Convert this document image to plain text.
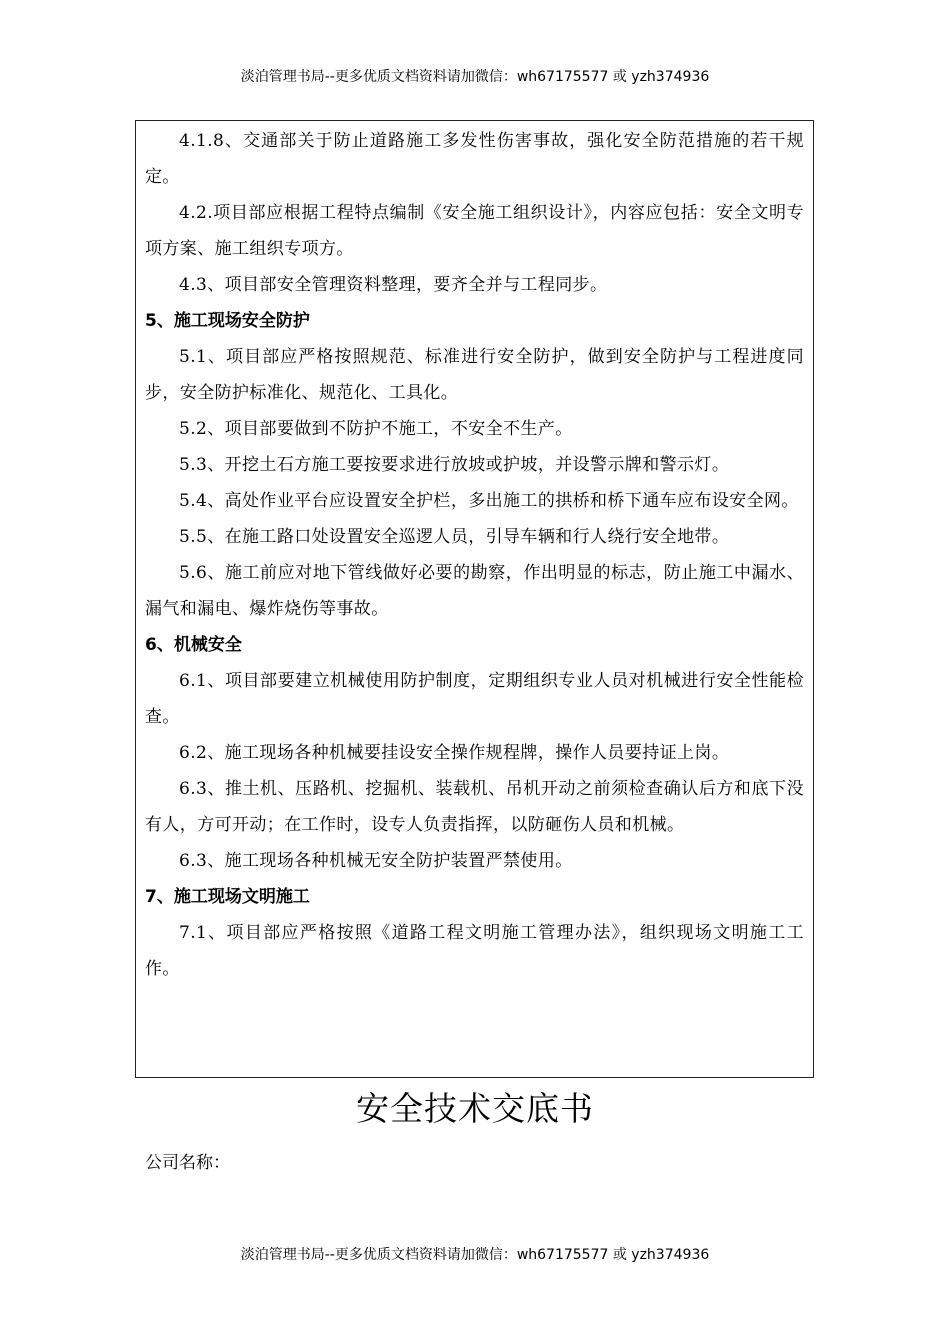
淡泊管理书局--更多优质文档资料请加微信：wh67175577 或 yzh374936

4.1.8、交通部关于防止道路施工多发性伤害事故，强化安全防范措施的若干规定。

4.2.项目部应根据工程特点编制《安全施工组织设计》，内容应包括：安全文明专项方案、施工组织专项方。

4.3、项目部安全管理资料整理，要齐全并与工程同步。

5、施工现场安全防护

5.1、项目部应严格按照规范、标准进行安全防护，做到安全防护与工程进度同步，安全防护标准化、规范化、工具化。

5.2、项目部要做到不防护不施工，不安全不生产。

5.3、开挖土石方施工要按要求进行放坡或护坡，并设警示牌和警示灯。

5.4、高处作业平台应设置安全护栏，多出施工的拱桥和桥下通车应布设安全网。

5.5、在施工路口处设置安全巡逻人员，引导车辆和行人绕行安全地带。

5.6、施工前应对地下管线做好必要的勘察，作出明显的标志，防止施工中漏水、漏气和漏电、爆炸烧伤等事故。

6、机械安全

6.1、项目部要建立机械使用防护制度，定期组织专业人员对机械进行安全性能检查。

6.2、施工现场各种机械要挂设安全操作规程牌，操作人员要持证上岗。

6.3、推土机、压路机、挖掘机、装载机、吊机开动之前须检查确认后方和底下没有人，方可开动；在工作时，设专人负责指挥，以防砸伤人员和机械。

6.3、施工现场各种机械无安全防护装置严禁使用。

7、施工现场文明施工

7.1、项目部应严格按照《道路工程文明施工管理办法》，组织现场文明施工工作。

安全技术交底书
公司名称：
淡泊管理书局--更多优质文档资料请加微信：wh67175577 或 yzh374936
